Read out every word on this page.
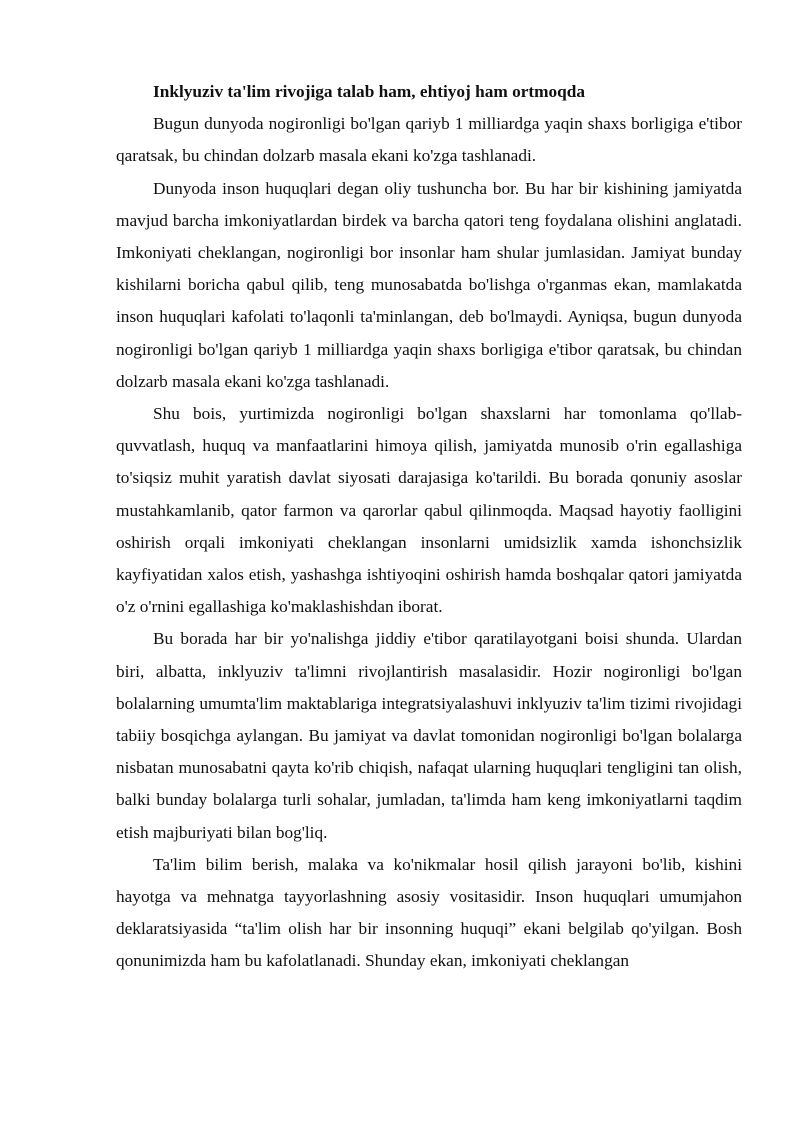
Inklyuziv ta'lim rivojiga talab ham, ehtiyoj ham ortmoqda

Bugun dunyoda nogironligi bo'lgan qariyb 1 milliardga yaqin shaxs borligiga e'tibor qaratsak, bu chindan dolzarb masala ekani ko'zga tashlanadi.

Dunyoda inson huquqlari degan oliy tushuncha bor. Bu har bir kishining jamiyatda mavjud barcha imkoniyatlardan birdek va barcha qatori teng foydalana olishini anglatadi. Imkoniyati cheklangan, nogironligi bor insonlar ham shular jumlasidan. Jamiyat bunday kishilarni boricha qabul qilib, teng munosabatda bo'lishga o'rganmas ekan, mamlakatda inson huquqlari kafolati to'laqonli ta'minlangan, deb bo'lmaydi. Ayniqsa, bugun dunyoda nogironligi bo'lgan qariyb 1 milliardga yaqin shaxs borligiga e'tibor qaratsak, bu chindan dolzarb masala ekani ko'zga tashlanadi.

Shu bois, yurtimizda nogironligi bo'lgan shaxslarni har tomonlama qo'llab-quvvatlash, huquq va manfaatlarini himoya qilish, jamiyatda munosib o'rin egallashiga to'siqsiz muhit yaratish davlat siyosati darajasiga ko'tarildi. Bu borada qonuniy asoslar mustahkamlanib, qator farmon va qarorlar qabul qilinmoqda. Maqsad hayotiy faolligini oshirish orqali imkoniyati cheklangan insonlarni umidsizlik xamda ishonchsizlik kayfiyatidan xalos etish, yashashga ishtiyoqini oshirish hamda boshqalar qatori jamiyatda o'z o'rnini egallashiga ko'maklashishdan iborat.

Bu borada har bir yo'nalishga jiddiy e'tibor qaratilayotgani boisi shunda. Ulardan biri, albatta, inklyuziv ta'limni rivojlantirish masalasidir. Hozir nogironligi bo'lgan bolalarning umumta'lim maktablariga integratsiyalashuvi inklyuziv ta'lim tizimi rivojidagi tabiiy bosqichga aylangan. Bu jamiyat va davlat tomonidan nogironligi bo'lgan bolalarga nisbatan munosabatni qayta ko'rib chiqish, nafaqat ularning huquqlari tengligini tan olish, balki bunday bolalarga turli sohalar, jumladan, ta'limda ham keng imkoniyatlarni taqdim etish majburiyati bilan bog'liq.

Ta'lim bilim berish, malaka va ko'nikmalar hosil qilish jarayoni bo'lib, kishini hayotga va mehnatga tayyorlashning asosiy vositasidir. Inson huquqlari umumjahon deklaratsiyasida “ta'lim olish har bir insonning huquqi” ekani belgilab qo'yilgan. Bosh qonunimizda ham bu kafolatlanadi. Shunday ekan, imkoniyati cheklangan
